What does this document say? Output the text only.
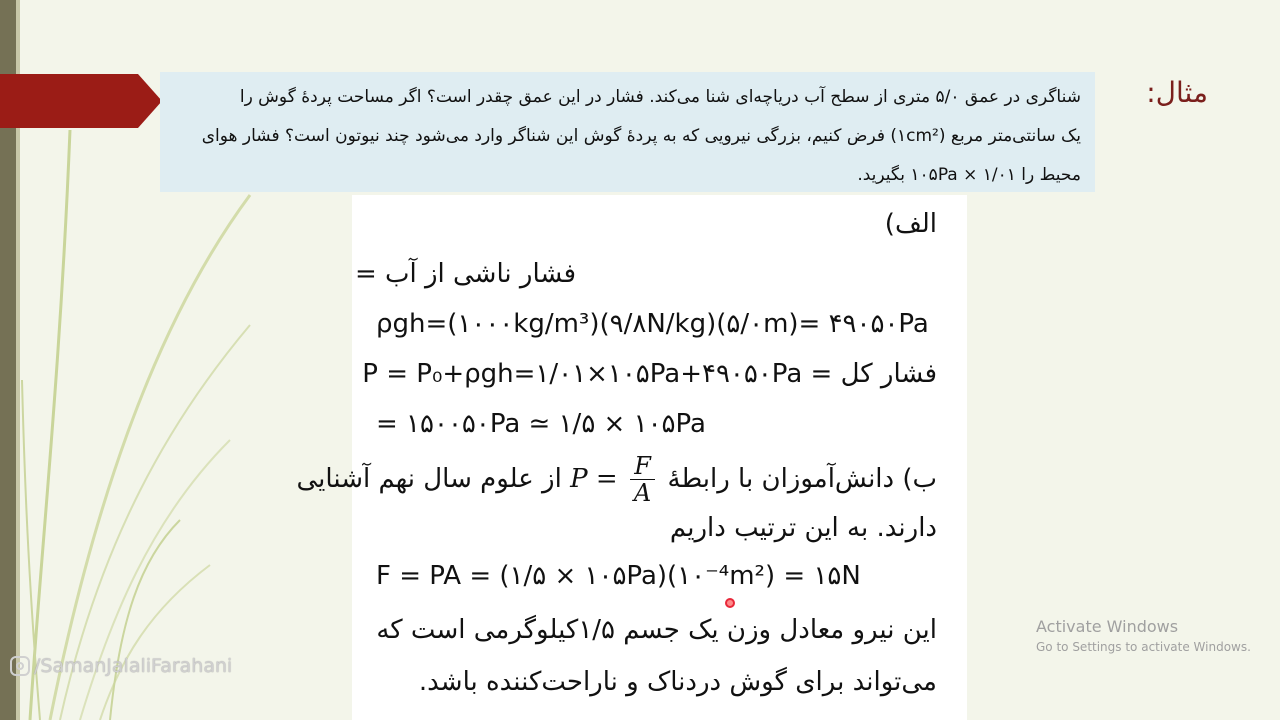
مثال:
شناگری در عمق ۵/۰ متری از سطح آب دریاچه‌ای شنا می‌کند. فشار در این عمق چقدر است؟ اگر مساحت پردهٔ گوش را
یک سانتی‌متر مربع (۱cm²) فرض کنیم، بزرگی نیرویی که به پردهٔ گوش این شناگر وارد می‌شود چند نیوتون است؟ فشار هوای
محیط را ۱۰۵Pa × ۱/۰۱ بگیرید.
الف)
فشار ناشی از آب =
ρgh=(۱۰۰۰kg/m³)(۹/۸N/kg)(۵/۰m)= ۴۹۰۵۰Pa
فشار کل = P = P₀+ρgh=۱/۰۱×۱۰۵Pa+۴۹۰۵۰Pa
= ۱۵۰۰۵۰Pa ≃ ۱/۵ × ۱۰۵Pa
ب) دانش‌آموزان با رابطهٔ $P = \frac{F}{A}$
از علوم سال نهم آشنایی
دارند. به این ترتیب داریم
F = PA = (۱/۵ × ۱۰۵Pa)(۱۰⁻⁴m²) = ۱۵N
این نیرو معادل وزن یک جسم ۱/۵کیلوگرمی است که
می‌تواند برای گوش دردناک و ناراحت‌کننده باشد.
/SamanJalaliFarahani
Activate Windows
Go to Settings to activate Windows.
